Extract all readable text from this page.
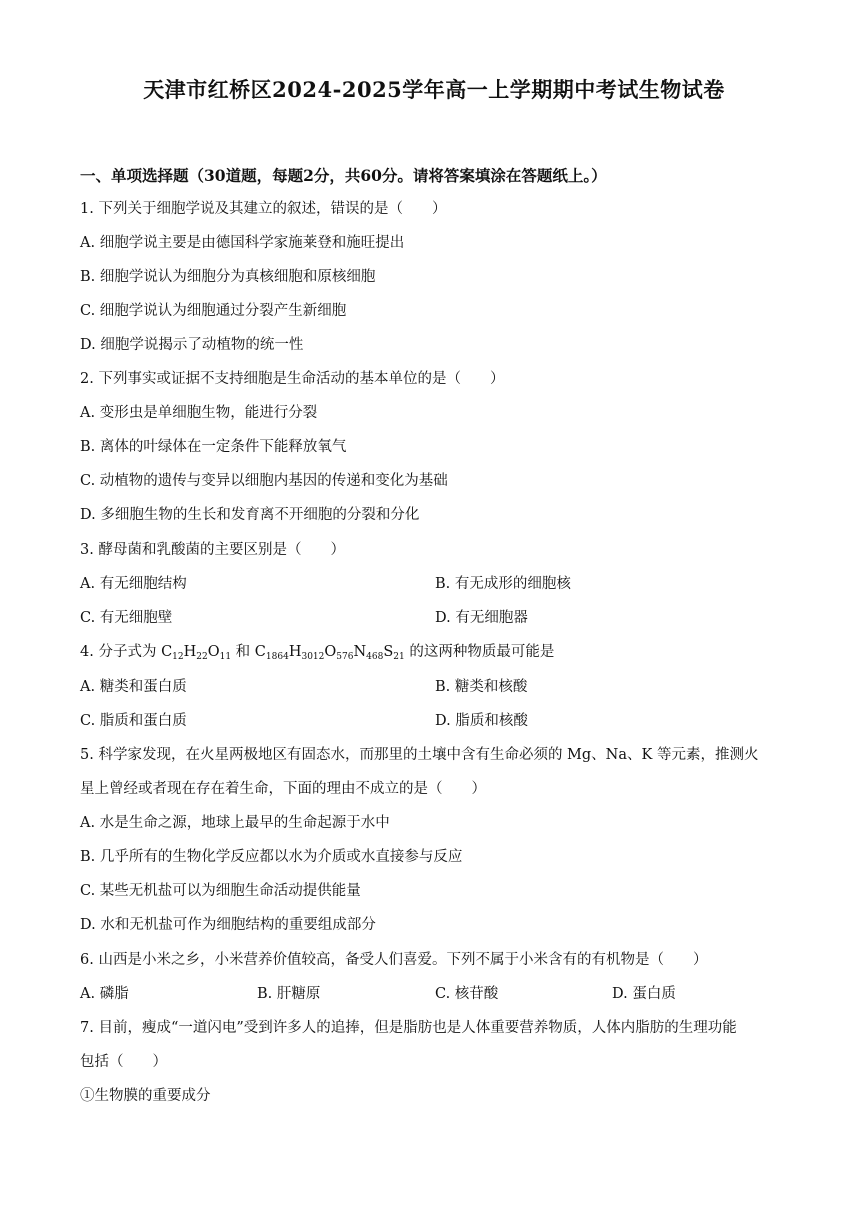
天津市红桥区2024-2025学年高一上学期期中考试生物试卷
一、单项选择题（30道题，每题2分，共60分。请将答案填涂在答题纸上。）
1. 下列关于细胞学说及其建立的叙述，错误的是（　　）
A. 细胞学说主要是由德国科学家施莱登和施旺提出
B. 细胞学说认为细胞分为真核细胞和原核细胞
C. 细胞学说认为细胞通过分裂产生新细胞
D. 细胞学说揭示了动植物的统一性
2. 下列事实或证据不支持细胞是生命活动的基本单位的是（　　）
A. 变形虫是单细胞生物，能进行分裂
B. 离体的叶绿体在一定条件下能释放氧气
C. 动植物的遗传与变异以细胞内基因的传递和变化为基础
D. 多细胞生物的生长和发育离不开细胞的分裂和分化
3. 酵母菌和乳酸菌的主要区别是（　　）
A. 有无细胞结构	B. 有无成形的细胞核
C. 有无细胞壁	D. 有无细胞器
4. 分子式为 $C_{12}H_{22}O_{11}$ 和 $C_{1864}H_{3012}O_{576}N_{468}S_{21}$ 的这两种物质最可能是
A. 糖类和蛋白质	B. 糖类和核酸
C. 脂质和蛋白质	D. 脂质和核酸
5. 科学家发现，在火星两极地区有固态水，而那里的土壤中含有生命必须的 Mg、Na、K 等元素，推测火
星上曾经或者现在存在着生命，下面的理由不成立的是（　　）
A. 水是生命之源，地球上最早的生命起源于水中
B. 几乎所有的生物化学反应都以水为介质或水直接参与反应
C. 某些无机盐可以为细胞生命活动提供能量
D. 水和无机盐可作为细胞结构的重要组成部分
6. 山西是小米之乡，小米营养价值较高，备受人们喜爱。下列不属于小米含有的有机物是（　　）
A. 磷脂	B. 肝糖原	C. 核苷酸	D. 蛋白质
7. 目前，瘦成“一道闪电”受到许多人的追捧，但是脂肪也是人体重要营养物质，人体内脂肪的生理功能
包括（　　）
①生物膜的重要成分
